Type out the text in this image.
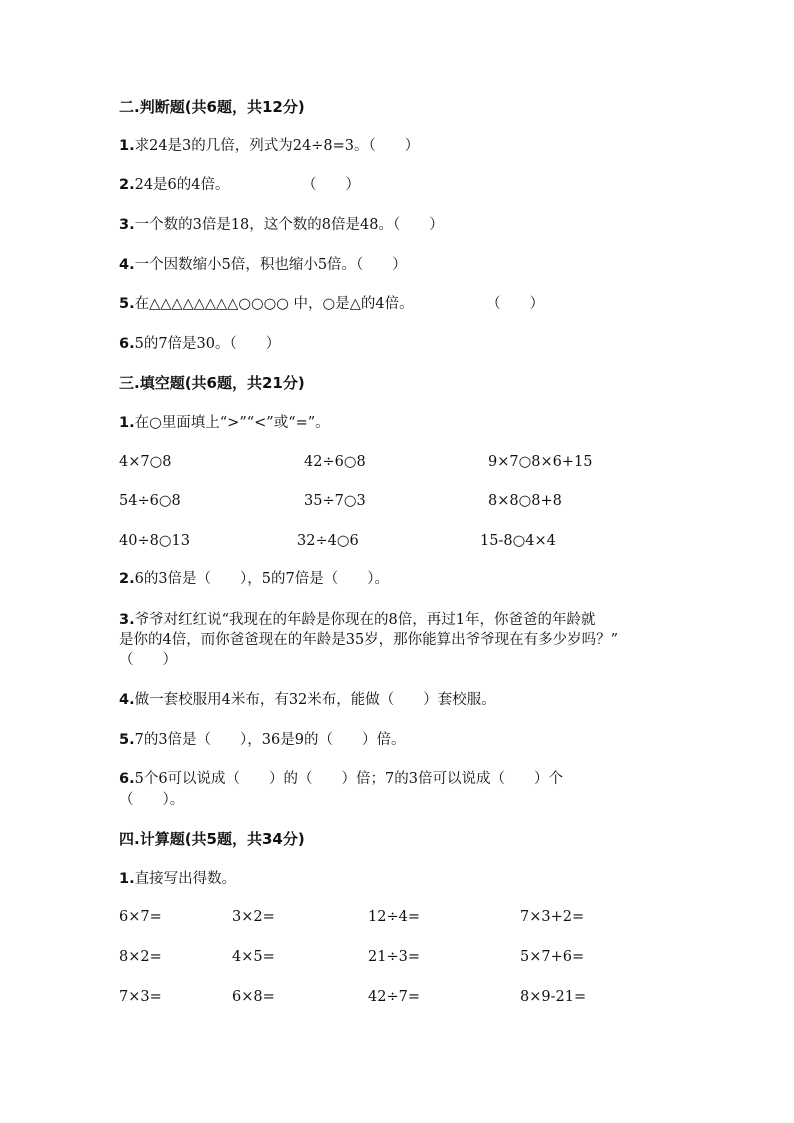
二.判断题(共6题，共12分)
1.求24是3的几倍，列式为24÷8=3。（　　）
2.24是6的4倍。　　　　　　（　　）
3.一个数的3倍是18，这个数的8倍是48。（　　）
4.一个因数缩小5倍，积也缩小5倍。（　　）
5.在△△△△△△△△○○○○ 中，○是△的4倍。　　　　　　（　　）
6.5的7倍是30。（　　）
三.填空题(共6题，共21分)
1.在○里面填上“>”“<”或“=”。
4×7○8	42÷6○8	9×7○8×6+15
54÷6○8	35÷7○3	8×8○8+8
40÷8○13	32÷4○6	15-8○4×4
2.6的3倍是（　　），5的7倍是（　　）。
3.爷爷对红红说“我现在的年龄是你现在的8倍，再过1年，你爸爸的年龄就
是你的4倍，而你爸爸现在的年龄是35岁，那你能算出爷爷现在有多少岁吗？”
（　　）
4.做一套校服用4米布，有32米布，能做（　　）套校服。
5.7的3倍是（　　），36是9的（　　）倍。
6.5个6可以说成（　　）的（　　）倍；7的3倍可以说成（　　）个
（　　）。
四.计算题(共5题，共34分)
1.直接写出得数。
6×7=	3×2=	12÷4=	7×3+2=
8×2=	4×5=	21÷3=	5×7+6=
7×3=	6×8=	42÷7=	8×9-21=
